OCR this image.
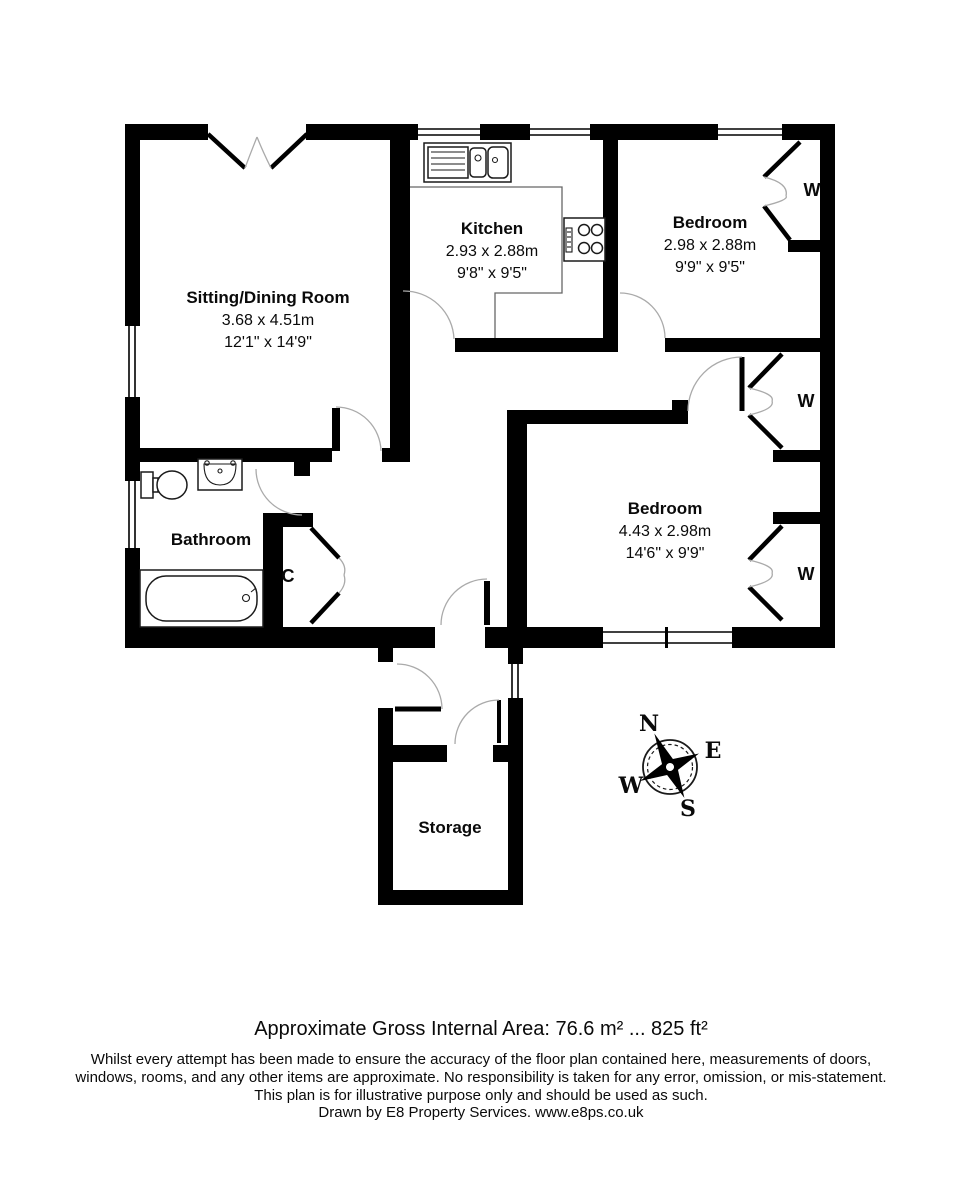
N
E
W
S
Sitting/Dining Room
3.68 x 4.51m
12'1" x 14'9"
Kitchen
2.93 x 2.88m
9'8" x 9'5"
Bedroom
2.98 x 2.88m
9'9" x 9'5"
Bedroom
4.43 x 2.98m
14'6" x 9'9"
Bathroom
Storage
W
W
W
C
Approximate Gross Internal Area: 76.6 m² ... 825 ft²
Whilst every attempt has been made to ensure the accuracy of the floor plan contained here, measurements of doors,
windows, rooms, and any other items are approximate. No responsibility is taken for any error, omission, or mis-statement.
This plan is for illustrative purpose only and should be used as such.
Drawn by E8 Property Services. www.e8ps.co.uk
